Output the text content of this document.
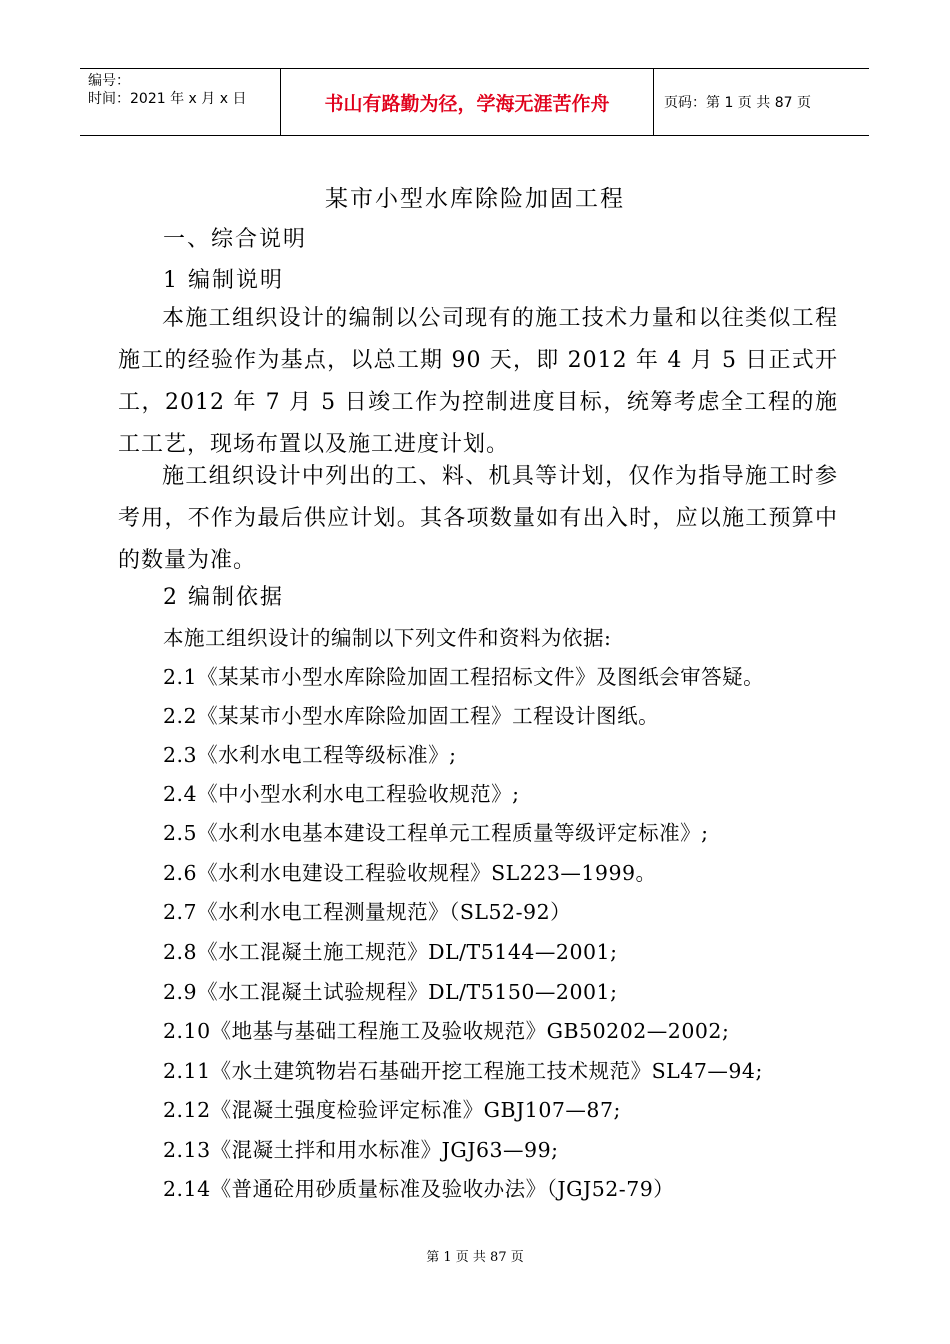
编号：
时间：2021 年 x 月 x 日	书山有路勤为径，学海无涯苦作舟	页码：第 1 页 共 87 页
某市小型水库除险加固工程
一、综合说明
1 编制说明

本施工组织设计的编制以公司现有的施工技术力量和以往类似工程施工的经验作为基点，以总工期 90 天，即 2012 年 4 月 5 日正式开工，2012 年 7 月 5 日竣工作为控制进度目标，统筹考虑全工程的施工工艺，现场布置以及施工进度计划。

施工组织设计中列出的工、料、机具等计划，仅作为指导施工时参考用，不作为最后供应计划。其各项数量如有出入时，应以施工预算中的数量为准。

2 编制依据
本施工组织设计的编制以下列文件和资料为依据:
2.1《某某市小型水库除险加固工程招标文件》及图纸会审答疑。
2.2《某某市小型水库除险加固工程》工程设计图纸。
2.3《水利水电工程等级标准》;
2.4《中小型水利水电工程验收规范》;
2.5《水利水电基本建设工程单元工程质量等级评定标准》;
2.6《水利水电建设工程验收规程》SL223—1999。
2.7《水利水电工程测量规范》（SL52-92）
2.8《水工混凝土施工规范》DL/T5144—2001;
2.9《水工混凝土试验规程》DL/T5150—2001;
2.10《地基与基础工程施工及验收规范》GB50202—2002;
2.11《水土建筑物岩石基础开挖工程施工技术规范》SL47—94;
2.12《混凝土强度检验评定标准》GBJ107—87;
2.13《混凝土拌和用水标准》JGJ63—99;
2.14《普通砼用砂质量标准及验收办法》（JGJ52-79）
第 1 页 共 87 页
